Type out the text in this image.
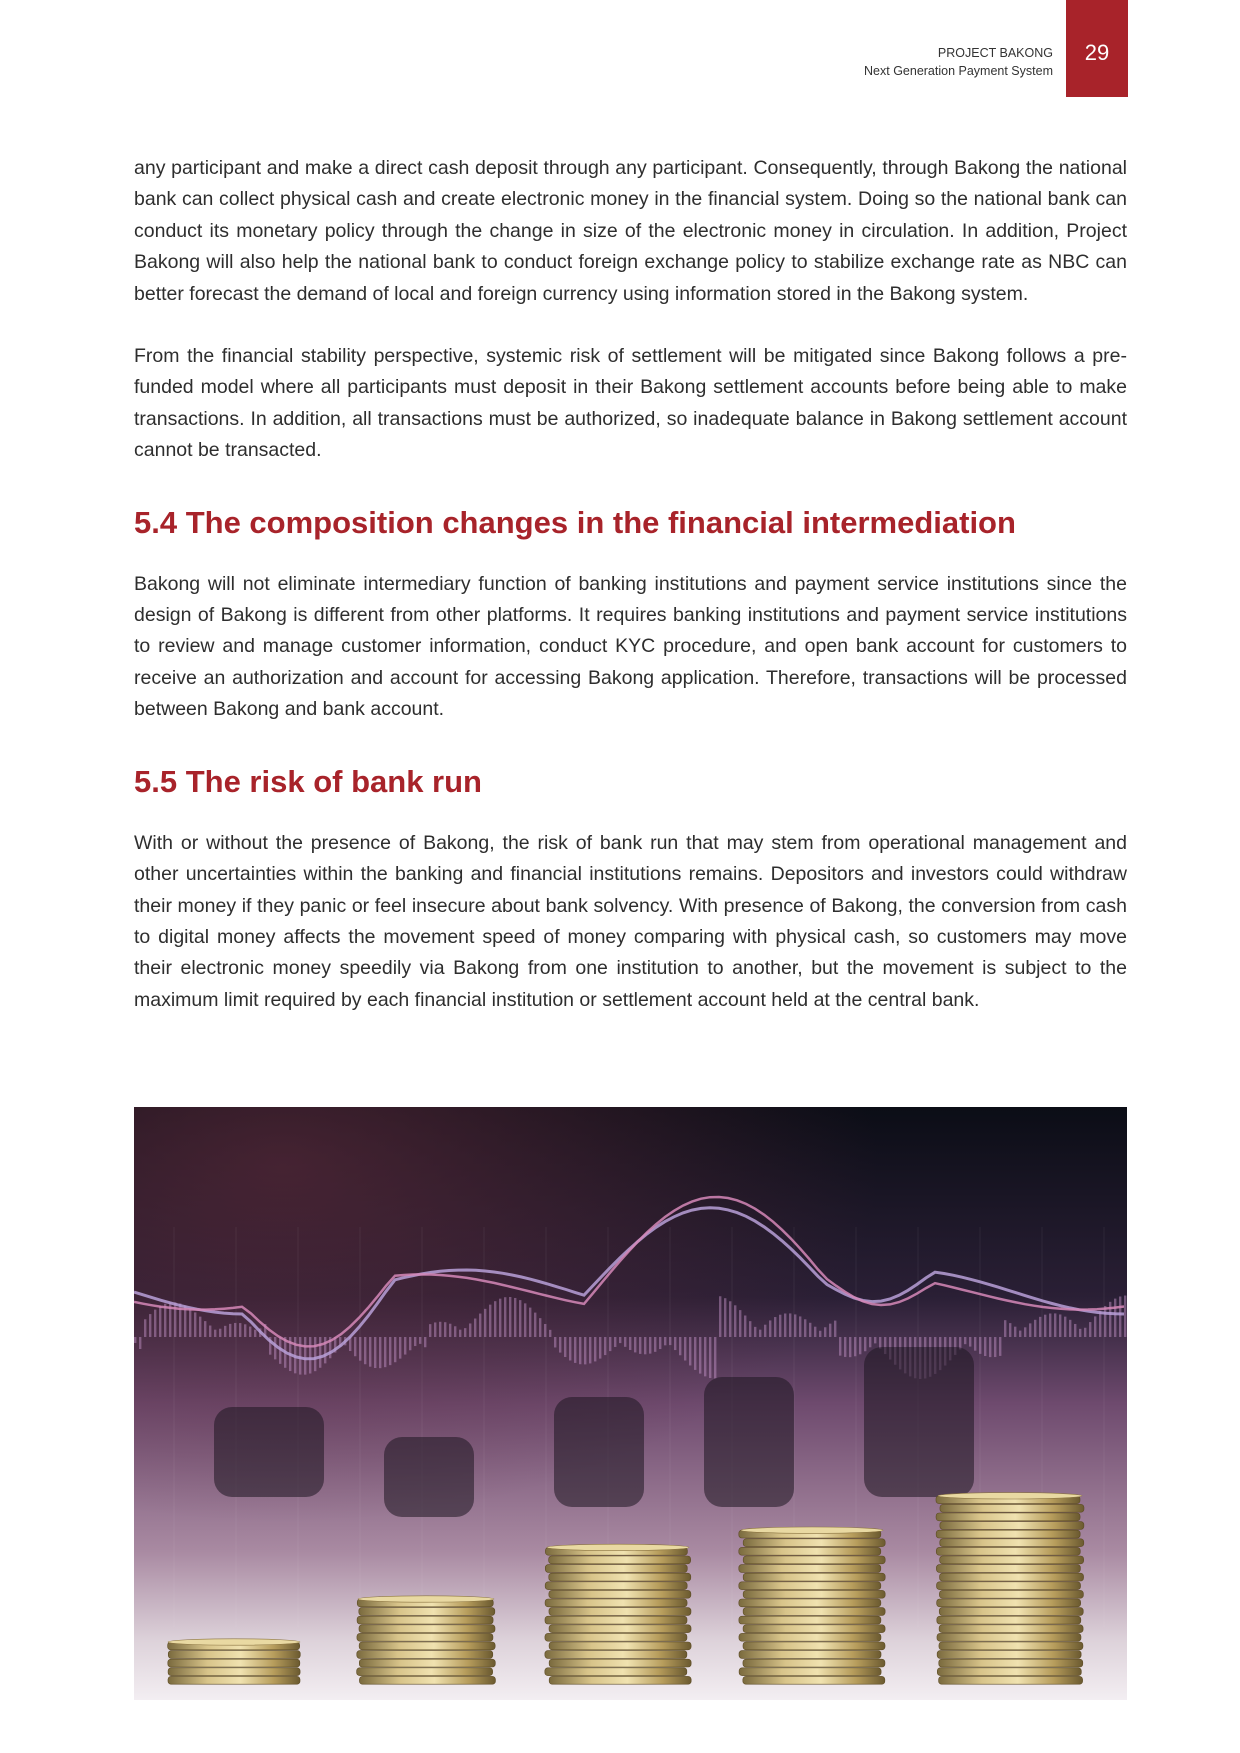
PROJECT BAKONG
Next Generation Payment System
29

any participant and make a direct cash deposit through any participant. Consequently, through Bakong the national bank can collect physical cash and create electronic money in the financial system. Doing so the national bank can conduct its monetary policy through the change in size of the electronic money in circulation. In addition, Project Bakong will also help the national bank to conduct foreign exchange policy to stabilize exchange rate as NBC can better forecast the demand of local and foreign currency using information stored in the Bakong system.

From the financial stability perspective, systemic risk of settlement will be mitigated since Bakong follows a pre-funded model where all participants must deposit in their Bakong settlement accounts before being able to make transactions. In addition, all transactions must be authorized, so inadequate balance in Bakong settlement account cannot be transacted.

5.4 The composition changes in the financial intermediation

Bakong will not eliminate intermediary function of banking institutions and payment service institutions since the design of Bakong is different from other platforms. It requires banking institutions and payment service institutions to review and manage customer information, conduct KYC procedure, and open bank account for customers to receive an authorization and account for accessing Bakong application. Therefore, transactions will be processed between Bakong and bank account.

5.5 The risk of bank run

With or without the presence of Bakong, the risk of bank run that may stem from operational management and other uncertainties within the banking and financial institutions remains. Depositors and investors could withdraw their money if they panic or feel insecure about bank solvency. With presence of Bakong, the conversion from cash to digital money affects the movement speed of money comparing with physical cash, so customers may move their electronic money speedily via Bakong from one institution to another, but the movement is subject to the maximum limit required by each financial institution or settlement account held at the central bank.
